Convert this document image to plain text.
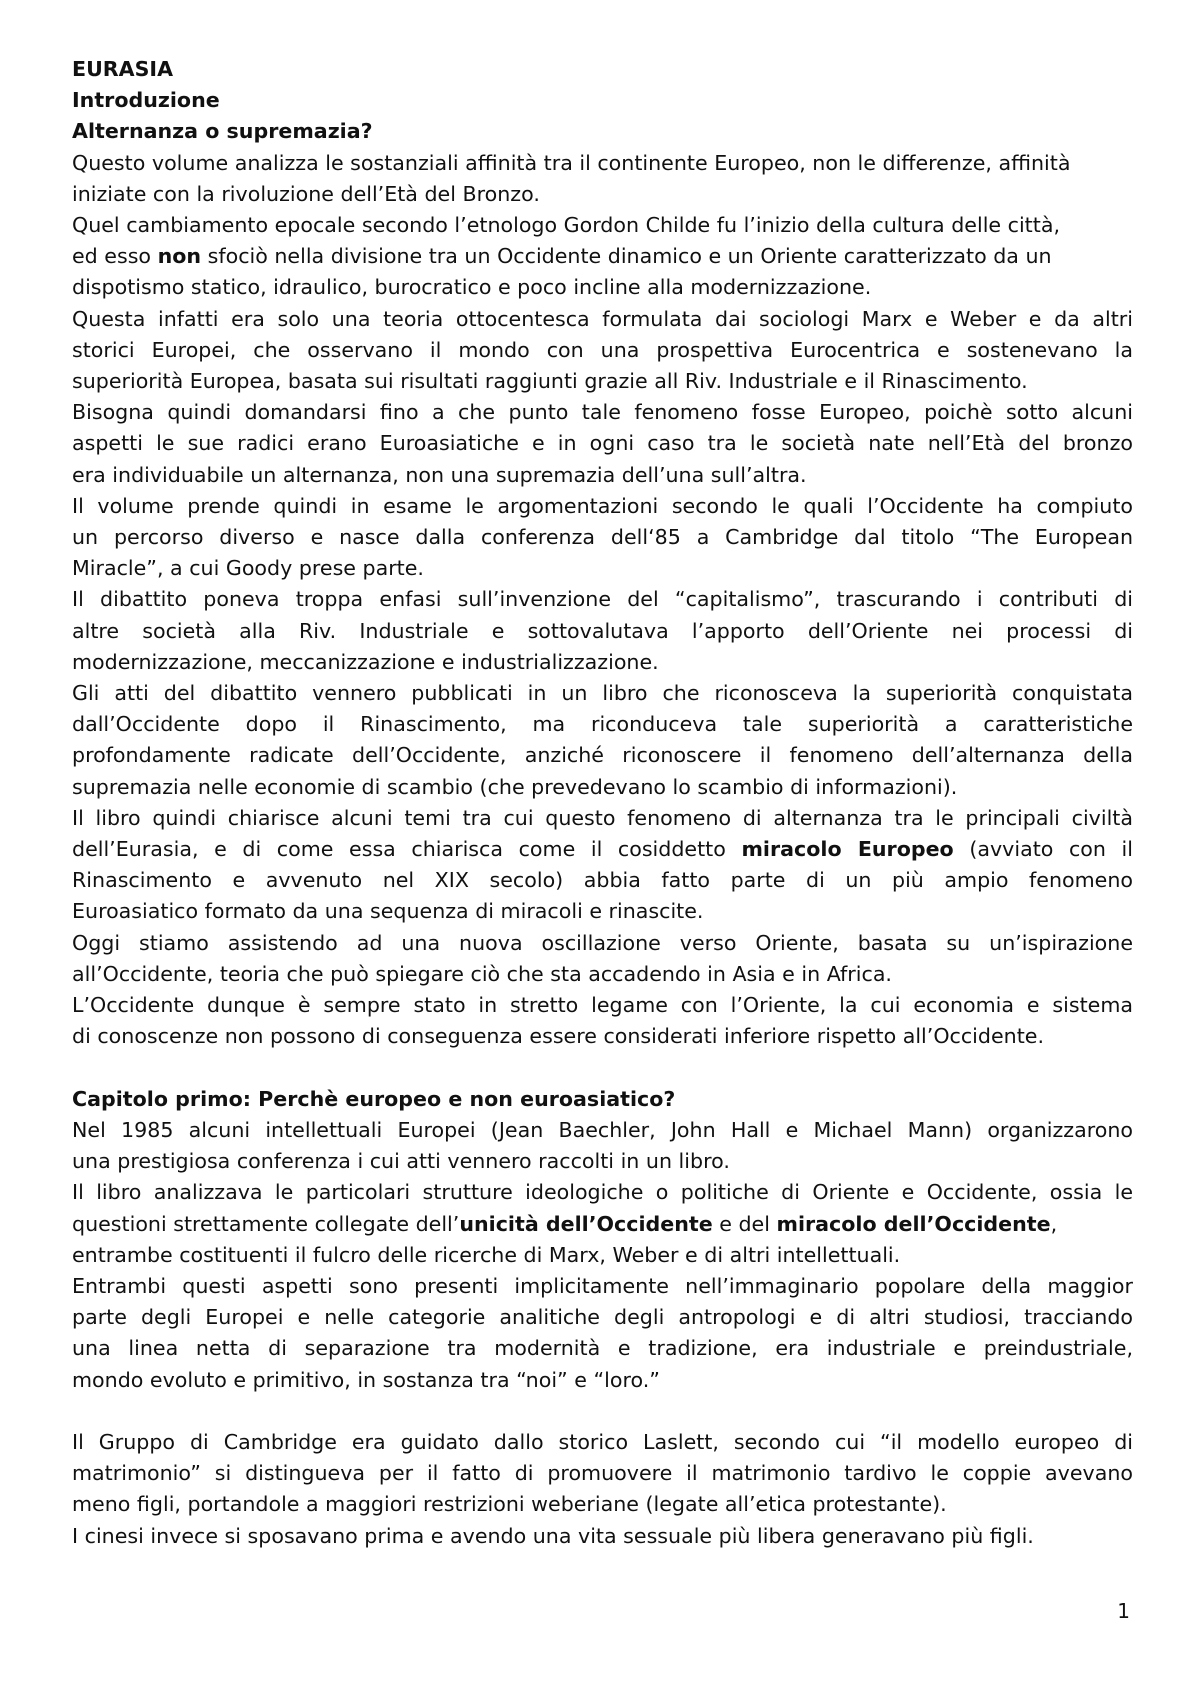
EURASIA
Introduzione
Alternanza o supremazia?
Questo volume analizza le sostanziali affinità tra il continente Europeo, non le differenze, affinità
iniziate con la rivoluzione dell’Età del Bronzo.
Quel cambiamento epocale secondo l’etnologo Gordon Childe fu l’inizio della cultura delle città,
ed esso non sfociò nella divisione tra un Occidente dinamico e un Oriente caratterizzato da un
dispotismo statico, idraulico, burocratico e poco incline alla modernizzazione.
Questa infatti era solo una teoria ottocentesca formulata dai sociologi Marx e Weber e da altri
storici Europei, che osservano il mondo con una prospettiva Eurocentrica e sostenevano la
superiorità Europea, basata sui risultati raggiunti grazie all Riv. Industriale e il Rinascimento.
Bisogna quindi domandarsi fino a che punto tale fenomeno fosse Europeo, poichè sotto alcuni
aspetti le sue radici erano Euroasiatiche e in ogni caso tra le società nate nell’Età del bronzo
era individuabile un alternanza, non una supremazia dell’una sull’altra.
Il volume prende quindi in esame le argomentazioni secondo le quali l’Occidente ha compiuto
un percorso diverso e nasce dalla conferenza dell‘85 a Cambridge dal titolo “The European
Miracle”, a cui Goody prese parte.
Il dibattito poneva troppa enfasi sull’invenzione del “capitalismo”, trascurando i contributi di
altre società alla Riv. Industriale e sottovalutava l’apporto dell’Oriente nei processi di
modernizzazione, meccanizzazione e industrializzazione.
Gli atti del dibattito vennero pubblicati in un libro che riconosceva la superiorità conquistata
dall’Occidente dopo il Rinascimento, ma riconduceva tale superiorità a caratteristiche
profondamente radicate dell’Occidente, anziché riconoscere il fenomeno dell’alternanza della
supremazia nelle economie di scambio (che prevedevano lo scambio di informazioni).
Il libro quindi chiarisce alcuni temi tra cui questo fenomeno di alternanza tra le principali civiltà
dell’Eurasia, e di come essa chiarisca come il cosiddetto miracolo Europeo (avviato con il
Rinascimento e avvenuto nel XIX secolo) abbia fatto parte di un più ampio fenomeno
Euroasiatico formato da una sequenza di miracoli e rinascite.
Oggi stiamo assistendo ad una nuova oscillazione verso Oriente, basata su un’ispirazione
all’Occidente, teoria che può spiegare ciò che sta accadendo in Asia e in Africa.
L’Occidente dunque è sempre stato in stretto legame con l’Oriente, la cui economia e sistema
di conoscenze non possono di conseguenza essere considerati inferiore rispetto all’Occidente.
Capitolo primo: Perchè europeo e non euroasiatico?
Nel 1985 alcuni intellettuali Europei (Jean Baechler, John Hall e Michael Mann) organizzarono
una prestigiosa conferenza i cui atti vennero raccolti in un libro.
Il libro analizzava le particolari strutture ideologiche o politiche di Oriente e Occidente, ossia le
questioni strettamente collegate dell’unicità dell’Occidente e del miracolo dell’Occidente,
entrambe costituenti il fulcro delle ricerche di Marx, Weber e di altri intellettuali.
Entrambi questi aspetti sono presenti implicitamente nell’immaginario popolare della maggior
parte degli Europei e nelle categorie analitiche degli antropologi e di altri studiosi, tracciando
una linea netta di separazione tra modernità e tradizione, era industriale e preindustriale,
mondo evoluto e primitivo, in sostanza tra “noi” e “loro.”
Il Gruppo di Cambridge era guidato dallo storico Laslett, secondo cui “il modello europeo di
matrimonio” si distingueva per il fatto di promuovere il matrimonio tardivo le coppie avevano
meno figli, portandole a maggiori restrizioni weberiane (legate all’etica protestante).
I cinesi invece si sposavano prima e avendo una vita sessuale più libera generavano più figli.
1
